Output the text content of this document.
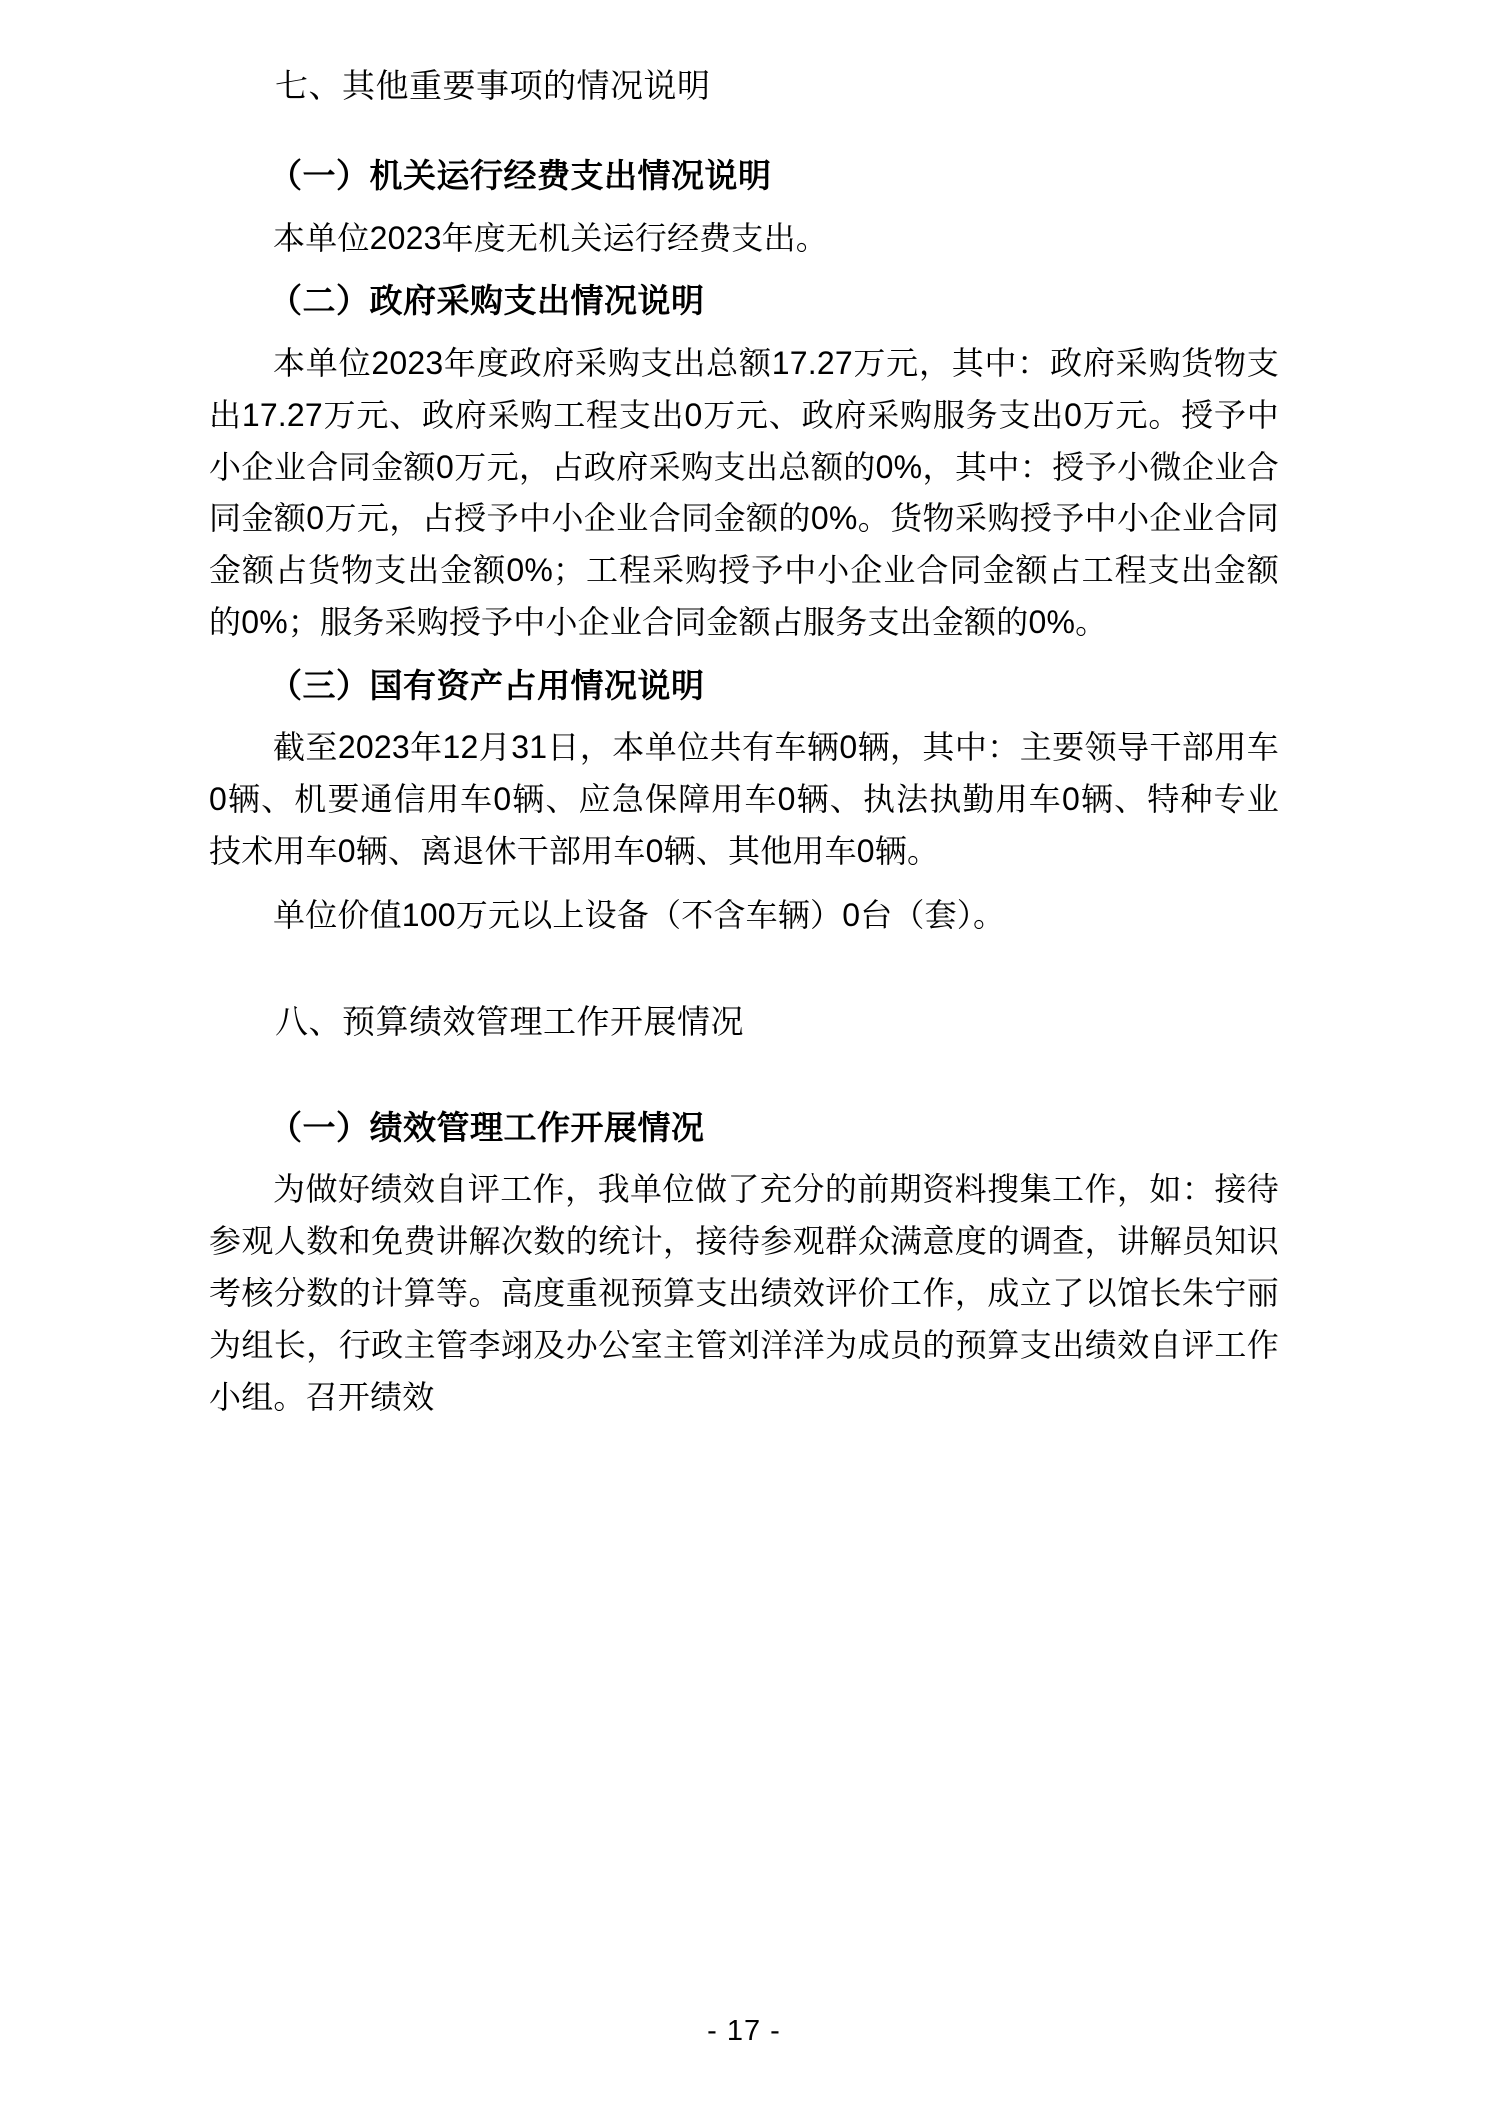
七、其他重要事项的情况说明
（一）机关运行经费支出情况说明

本单位2023年度无机关运行经费支出。

（二）政府采购支出情况说明

本单位2023年度政府采购支出总额17.27万元，其中：政府采购货物支出17.27万元、政府采购工程支出0万元、政府采购服务支出0万元。授予中小企业合同金额0万元，占政府采购支出总额的0%，其中：授予小微企业合同金额0万元，占授予中小企业合同金额的0%。货物采购授予中小企业合同金额占货物支出金额0%；工程采购授予中小企业合同金额占工程支出金额的0%；服务采购授予中小企业合同金额占服务支出金额的0%。

（三）国有资产占用情况说明

截至2023年12月31日，本单位共有车辆0辆，其中：主要领导干部用车0辆、机要通信用车0辆、应急保障用车0辆、执法执勤用车0辆、特种专业技术用车0辆、离退休干部用车0辆、其他用车0辆。

单位价值100万元以上设备（不含车辆）0台（套）。

八、预算绩效管理工作开展情况
（一）绩效管理工作开展情况

为做好绩效自评工作，我单位做了充分的前期资料搜集工作，如：接待参观人数和免费讲解次数的统计，接待参观群众满意度的调查，讲解员知识考核分数的计算等。高度重视预算支出绩效评价工作，成立了以馆长朱宁丽为组长，行政主管李翊及办公室主管刘洋洋为成员的预算支出绩效自评工作小组。召开绩效

- 17 -
